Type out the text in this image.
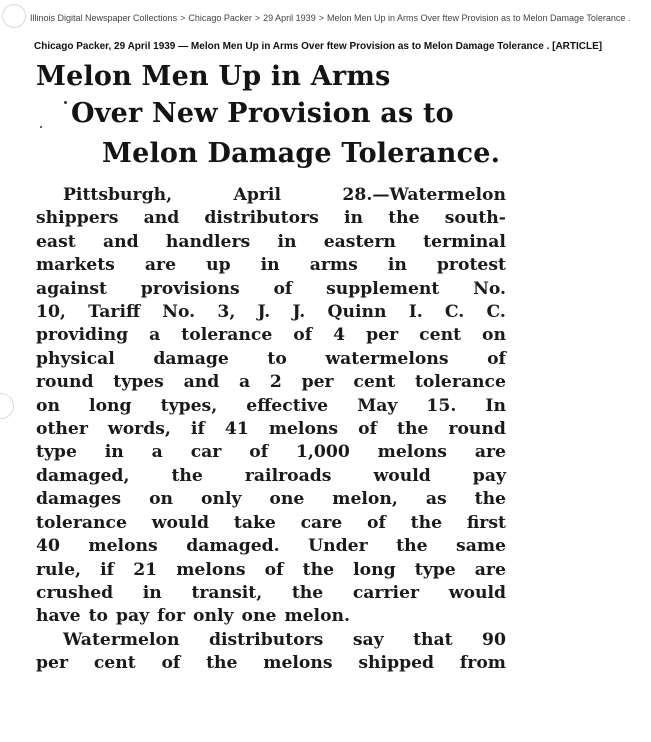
Illinois Digital Newspaper Collections > Chicago Packer > 29 April 1939 > Melon Men Up in Arms Over ftew Provision as to Melon Damage Tolerance .
Chicago Packer, 29 April 1939 — Melon Men Up in Arms Over ftew Provision as to Melon Damage Tolerance . [ARTICLE]
Melon Men Up in Arms
Over New Provision as to
Melon Damage Tolerance.
Pittsburgh,	April	28.—Watermelon
shippers and distributors in the south-
east and handlers in eastern terminal
markets are up in arms in protest
against provisions of supplement No.
10, Tariff No. 3, J. J. Quinn I. C. C.
providing a tolerance of 4 per cent on
physical damage to watermelons of
round types and a 2 per cent tolerance
on long types, effective May 15. In
other words, if 41 melons of the round
type in a car of 1,000 melons are
damaged, the railroads would pay
damages on only one melon, as the
tolerance would take care of the first
40 melons damaged. Under the same
rule, if 21 melons of the long type are
crushed in transit, the carrier would
have to pay for only one melon.
Watermelon distributors say that 90
per cent of the melons shipped from
